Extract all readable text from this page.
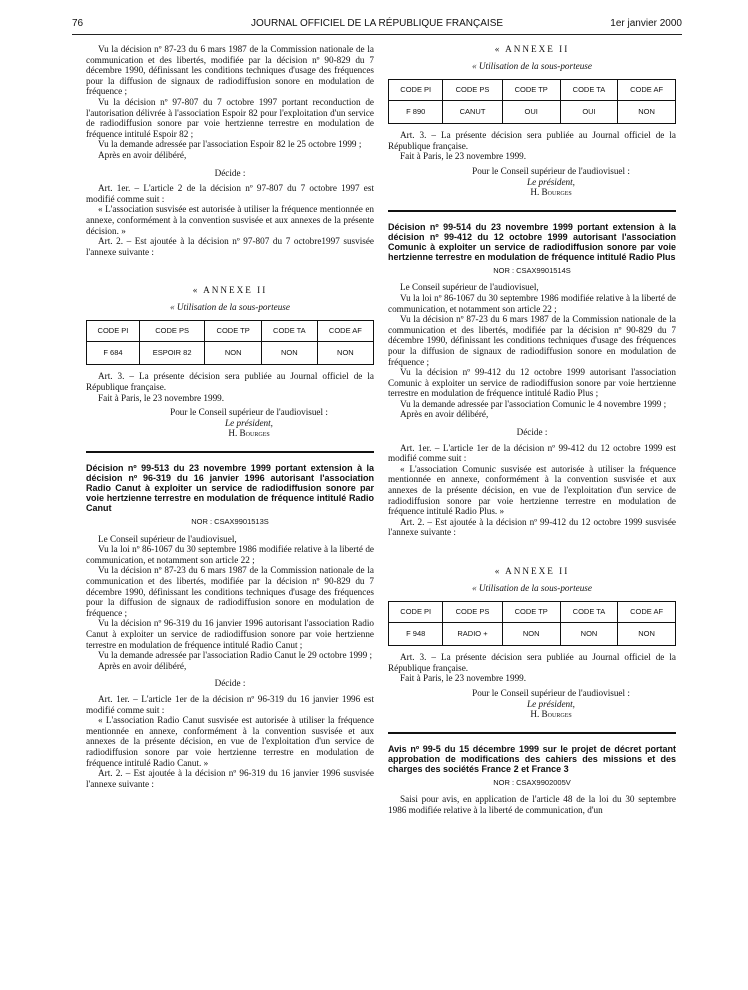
76	JOURNAL OFFICIEL DE LA RÉPUBLIQUE FRANÇAISE	1er janvier 2000

Vu la décision nº 87-23 du 6 mars 1987 de la Commission nationale de la communication et des libertés, modifiée par la décision nº 90-829 du 7 décembre 1990, définissant les conditions techniques d'usage des fréquences pour la diffusion de signaux de radiodiffusion sonore en modulation de fréquence ;

Vu la décision nº 97-807 du 7 octobre 1997 portant reconduction de l'autorisation délivrée à l'association Espoir 82 pour l'exploitation d'un service de radiodiffusion sonore par voie hertzienne terrestre en modulation de fréquence intitulé Espoir 82 ;

Vu la demande adressée par l'association Espoir 82 le 25 octobre 1999 ;

Après en avoir délibéré,

Décide :

Art. 1er. – L'article 2 de la décision nº 97-807 du 7 octobre 1997 est modifié comme suit :

« L'association susvisée est autorisée à utiliser la fréquence mentionnée en annexe, conformément à la convention susvisée et aux annexes de la présente décision. »

Art. 2. – Est ajoutée à la décision nº 97-807 du 7 octobre1997 susvisée l'annexe suivante :

« ANNEXE II

« Utilisation de la sous-porteuse

CODE PI	CODE PS	CODE TP	CODE TA	CODE AF
F 684	ESPOIR 82	NON	NON	NON

Art. 3. – La présente décision sera publiée au Journal officiel de la République française.

Fait à Paris, le 23 novembre 1999.

Pour le Conseil supérieur de l'audiovisuel :
Le président,
H. Bourges

Décision nº 99-513 du 23 novembre 1999 portant extension à la décision nº 96-319 du 16 janvier 1996 autorisant l'association Radio Canut à exploiter un service de radiodiffusion sonore par voie hertzienne terrestre en modulation de fréquence intitulé Radio Canut

NOR : CSAX9901513S

Le Conseil supérieur de l'audiovisuel,

Vu la loi nº 86-1067 du 30 septembre 1986 modifiée relative à la liberté de communication, et notamment son article 22 ;

Vu la décision nº 87-23 du 6 mars 1987 de la Commission nationale de la communication et des libertés, modifiée par la décision nº 90-829 du 7 décembre 1990, définissant les conditions techniques d'usage des fréquences pour la diffusion de signaux de radiodiffusion sonore en modulation de fréquence ;

Vu la décision nº 96-319 du 16 janvier 1996 autorisant l'association Radio Canut à exploiter un service de radiodiffusion sonore par voie hertzienne terrestre en modulation de fréquence intitulé Radio Canut ;

Vu la demande adressée par l'association Radio Canut le 29 octobre 1999 ;

Après en avoir délibéré,

Décide :

Art. 1er. – L'article 1er de la décision nº 96-319 du 16 janvier 1996 est modifié comme suit :

« L'association Radio Canut susvisée est autorisée à utiliser la fréquence mentionnée en annexe, conformément à la convention susvisée et aux annexes de la présente décision, en vue de l'exploitation d'un service de radiodiffusion sonore par voie hertzienne terrestre en modulation de fréquence intitulé Radio Canut. »

Art. 2. – Est ajoutée à la décision nº 96-319 du 16 janvier 1996 susvisée l'annexe suivante :

« ANNEXE II

« Utilisation de la sous-porteuse

CODE PI	CODE PS	CODE TP	CODE TA	CODE AF
F 890	CANUT	OUI	OUI	NON

Art. 3. – La présente décision sera publiée au Journal officiel de la République française.

Fait à Paris, le 23 novembre 1999.

Pour le Conseil supérieur de l'audiovisuel :
Le président,
H. Bourges

Décision nº 99-514 du 23 novembre 1999 portant extension à la décision nº 99-412 du 12 octobre 1999 autorisant l'association Comunic à exploiter un service de radiodiffusion sonore par voie hertzienne terrestre en modulation de fréquence intitulé Radio Plus

NOR : CSAX9901514S

Le Conseil supérieur de l'audiovisuel,

Vu la loi nº 86-1067 du 30 septembre 1986 modifiée relative à la liberté de communication, et notamment son article 22 ;

Vu la décision nº 87-23 du 6 mars 1987 de la Commission nationale de la communication et des libertés, modifiée par la décision nº 90-829 du 7 décembre 1990, définissant les conditions techniques d'usage des fréquences pour la diffusion de signaux de radiodiffusion sonore en modulation de fréquence ;

Vu la décision nº 99-412 du 12 octobre 1999 autorisant l'association Comunic à exploiter un service de radiodiffusion sonore par voie hertzienne terrestre en modulation de fréquence intitulé Radio Plus ;

Vu la demande adressée par l'association Comunic le 4 novembre 1999 ;

Après en avoir délibéré,

Décide :

Art. 1er. – L'article 1er de la décision nº 99-412 du 12 octobre 1999 est modifié comme suit :

« L'association Comunic susvisée est autorisée à utiliser la fréquence mentionnée en annexe, conformément à la convention susvisée et aux annexes de la présente décision, en vue de l'exploitation d'un service de radiodiffusion sonore par voie hertzienne terrestre en modulation de fréquence intitulé Radio Plus. »

Art. 2. – Est ajoutée à la décision nº 99-412 du 12 octobre 1999 susvisée l'annexe suivante :

« ANNEXE II

« Utilisation de la sous-porteuse

CODE PI	CODE PS	CODE TP	CODE TA	CODE AF
F 948	RADIO +	NON	NON	NON

Art. 3. – La présente décision sera publiée au Journal officiel de la République française.

Fait à Paris, le 23 novembre 1999.

Pour le Conseil supérieur de l'audiovisuel :
Le président,
H. Bourges

Avis nº 99-5 du 15 décembre 1999 sur le projet de décret portant approbation de modifications des cahiers des missions et des charges des sociétés France 2 et France 3

NOR : CSAX9902005V

Saisi pour avis, en application de l'article 48 de la loi du 30 septembre 1986 modifiée relative à la liberté de communication, d'un
